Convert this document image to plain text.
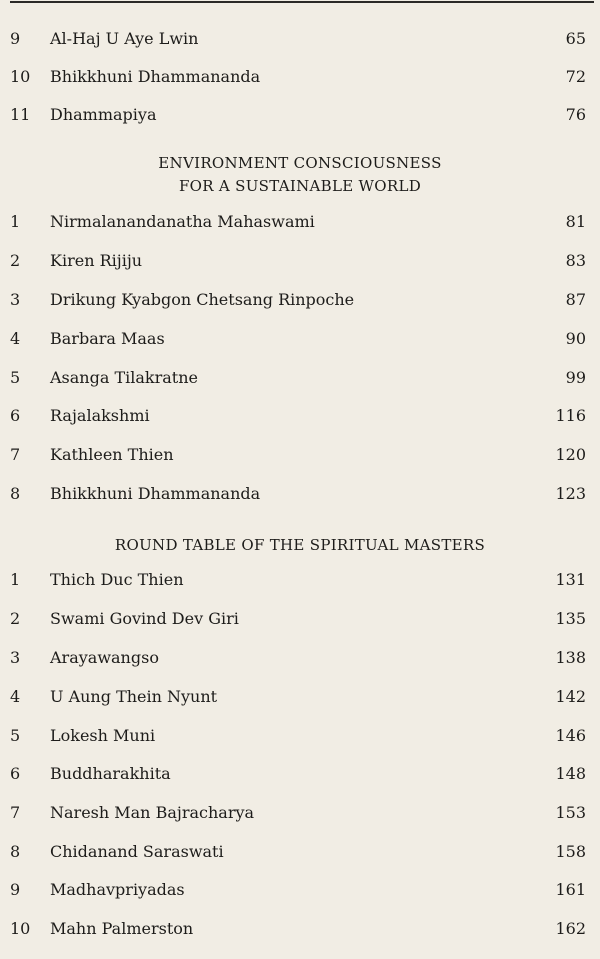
9	Al-Haj U Aye Lwin	65
10	Bhikkhuni Dhammananda	72
11	Dhammapiya	76
ENVIRONMENT CONSCIOUSNESS
FOR A SUSTAINABLE WORLD
1	Nirmalanandanatha Mahaswami	81
2	Kiren Rijiju	83
3	Drikung Kyabgon Chetsang Rinpoche	87
4	Barbara Maas	90
5	Asanga Tilakratne	99
6	Rajalakshmi	116
7	Kathleen Thien	120
8	Bhikkhuni Dhammananda	123
ROUND TABLE OF THE SPIRITUAL MASTERS
1	Thich Duc Thien	131
2	Swami Govind Dev Giri	135
3	Arayawangso	138
4	U Aung Thein Nyunt	142
5	Lokesh Muni	146
6	Buddharakhita	148
7	Naresh Man Bajracharya	153
8	Chidanand Saraswati	158
9	Madhavpriyadas	161
10	Mahn Palmerston	162
